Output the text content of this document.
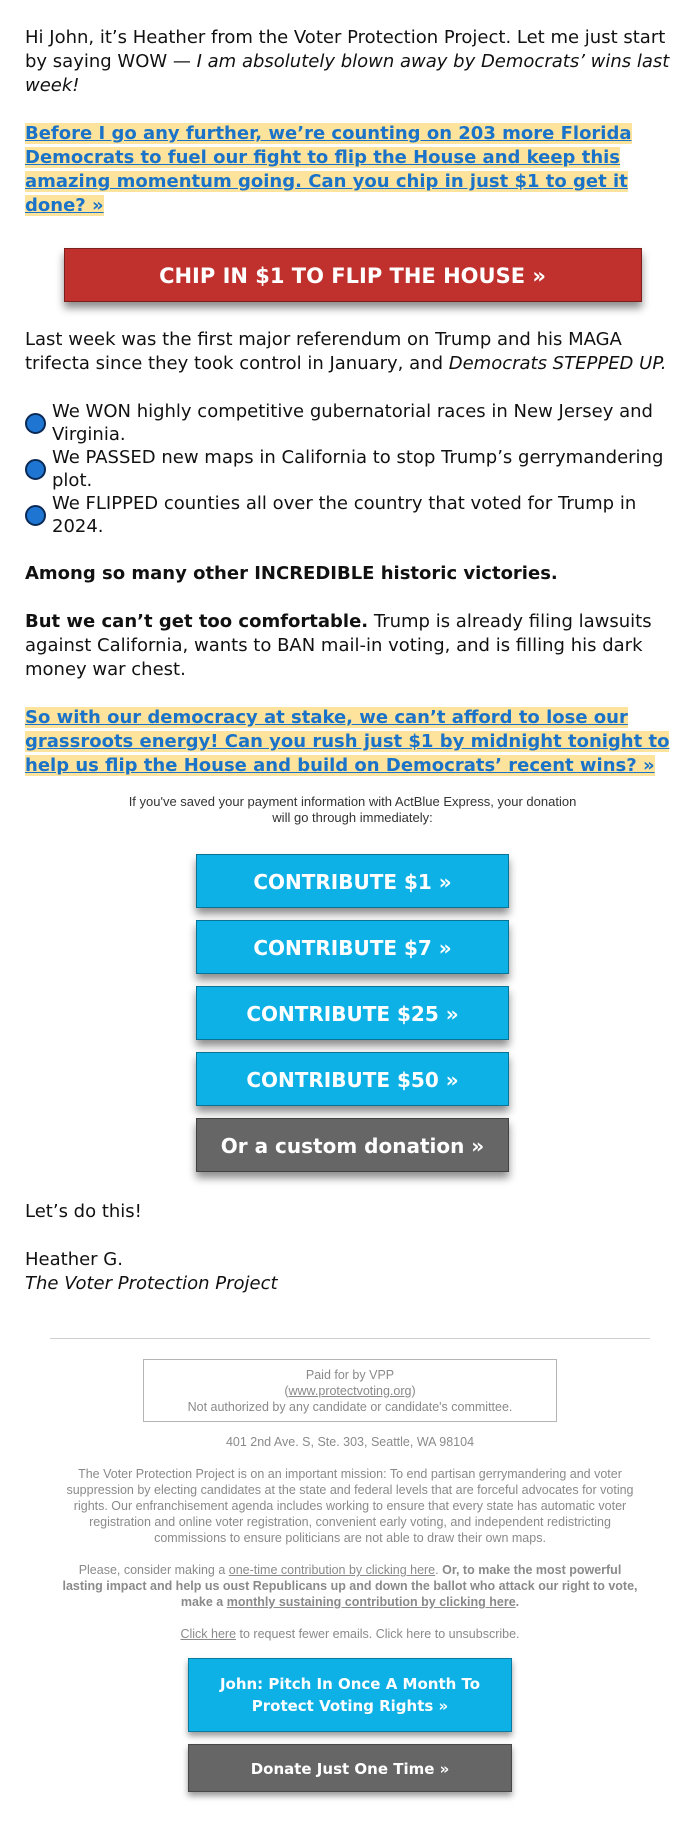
Hi John, it’s Heather from the Voter Protection Project. Let me just start by saying WOW — I am absolutely blown away by Democrats’ wins last week!

Before I go any further, we’re counting on 203 more Florida Democrats to fuel our fight to flip the House and keep this amazing momentum going. Can you chip in just $1 to get it done? »

CHIP IN $1 TO FLIP THE HOUSE »

Last week was the first major referendum on Trump and his MAGA trifecta since they took control in January, and Democrats STEPPED UP.

We WON highly competitive gubernatorial races in New Jersey and Virginia.
We PASSED new maps in California to stop Trump’s gerrymandering plot.
We FLIPPED counties all over the country that voted for Trump in 2024.

Among so many other INCREDIBLE historic victories.

But we can’t get too comfortable. Trump is already filing lawsuits against California, wants to BAN mail-in voting, and is filling his dark money war chest.

So with our democracy at stake, we can’t afford to lose our grassroots energy! Can you rush just $1 by midnight tonight to help us flip the House and build on Democrats’ recent wins? »

If you've saved your payment information with ActBlue Express, your donation
will go through immediately:
CONTRIBUTE $1 »
CONTRIBUTE $7 »
CONTRIBUTE $25 »
CONTRIBUTE $50 »
Or a custom donation »

Let’s do this!

Heather G.

The Voter Protection Project

Paid for by VPP
(www.protectvoting.org)
Not authorized by any candidate or candidate's committee.
401 2nd Ave. S, Ste. 303, Seattle, WA 98104
The Voter Protection Project is on an important mission: To end partisan gerrymandering and voter suppression by electing candidates at the state and federal levels that are forceful advocates for voting rights. Our enfranchisement agenda includes working to ensure that every state has automatic voter registration and online voter registration, convenient early voting, and independent redistricting commissions to ensure politicians are not able to draw their own maps.
Please, consider making a one-time contribution by clicking here. Or, to make the most powerful lasting impact and help us oust Republicans up and down the ballot who attack our right to vote, make a monthly sustaining contribution by clicking here.
Click here to request fewer emails. Click here to unsubscribe.
John: Pitch In Once A Month To Protect Voting Rights »
Donate Just One Time »
